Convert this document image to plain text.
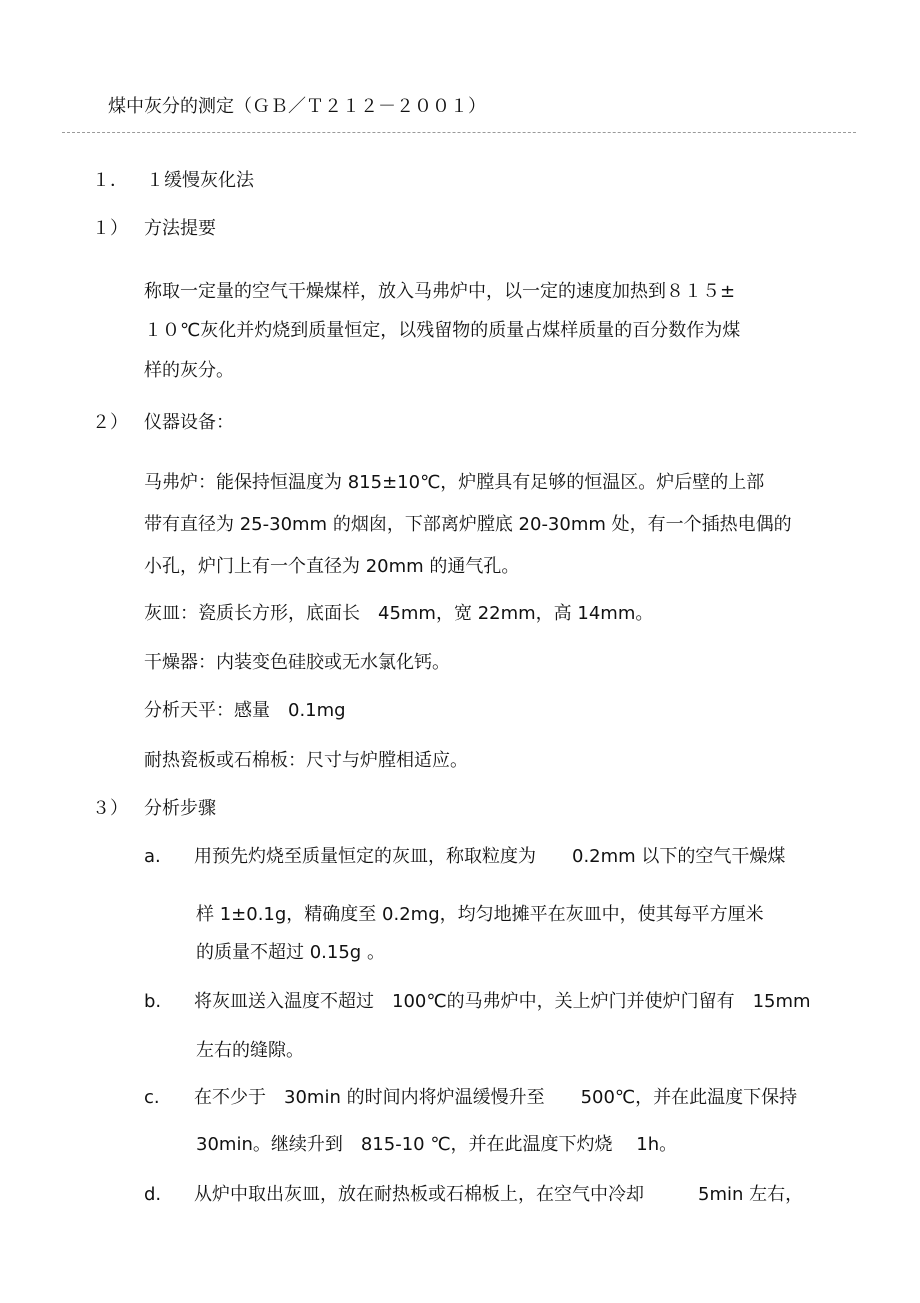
煤中灰分的测定（ＧＢ／Ｔ２１２－２００１）
１． １缓慢灰化法
１） 方法提要
称取一定量的空气干燥煤样，放入马弗炉中，以一定的速度加热到８１５±
１０℃灰化并灼烧到质量恒定，以残留物的质量占煤样质量的百分数作为煤
样的灰分。
２） 仪器设备：
马弗炉：能保持恒温度为 815±10℃，炉膛具有足够的恒温区。炉后壁的上部
带有直径为 25-30mm 的烟囱，下部离炉膛底 20-30mm 处，有一个插热电偶的
小孔，炉门上有一个直径为 20mm 的通气孔。
灰皿：瓷质长方形，底面长　45mm，宽 22mm，高 14mm。
干燥器：内装变色硅胶或无水氯化钙。
分析天平：感量　0.1mg
耐热瓷板或石棉板：尺寸与炉膛相适应。
３） 分析步骤
a. 用预先灼烧至质量恒定的灰皿，称取粒度为　　0.2mm 以下的空气干燥煤
样 1±0.1g，精确度至 0.2mg，均匀地摊平在灰皿中，使其每平方厘米
的质量不超过 0.15g 。
b. 将灰皿送入温度不超过　100℃的马弗炉中，关上炉门并使炉门留有　15mm
左右的缝隙。
c. 在不少于　30min 的时间内将炉温缓慢升至　　500℃，并在此温度下保持
30min。继续升到　815-10 ℃，并在此温度下灼烧　 1h。
d. 从炉中取出灰皿，放在耐热板或石棉板上，在空气中冷却　　　5min 左右，
